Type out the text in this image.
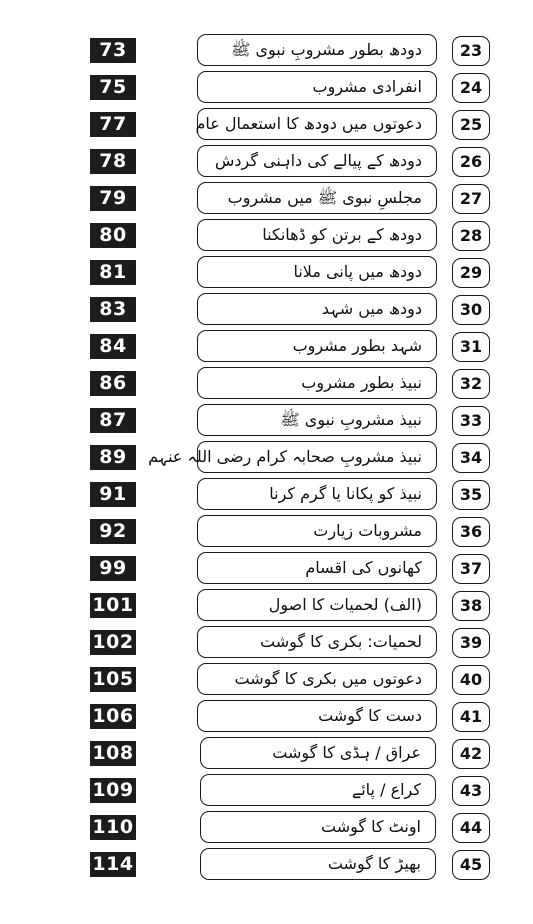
73	دودھ بطور مشروبِ نبوی ﷺ	23
75	انفرادی مشروب	24
77	دعوتوں میں دودھ کا استعمال عام	25
78	دودھ کے پیالے کی داہنی گردش	26
79	مجلسِ نبوی ﷺ میں مشروب	27
80	دودھ کے برتن کو ڈھانکنا	28
81	دودھ میں پانی ملانا	29
83	دودھ میں شہد	30
84	شہد بطور مشروب	31
86	نبیذ بطور مشروب	32
87	نبیذ مشروبِ نبوی ﷺ	33
89	نبیذ مشروبِ صحابہ کرام رضی اللہ عنہم	34
91	نبیذ کو پکانا یا گرم کرنا	35
92	مشروبات زیارت	36
99	کھانوں کی اقسام	37
101	(الف) لحمیات کا اصول	38
102	لحمیات: بکری کا گوشت	39
105	دعوتوں میں بکری کا گوشت	40
106	دست کا گوشت	41
108	عراق / ہڈی کا گوشت	42
109	کراع / پائے	43
110	اونٹ کا گوشت	44
114	بھیڑ کا گوشت	45
